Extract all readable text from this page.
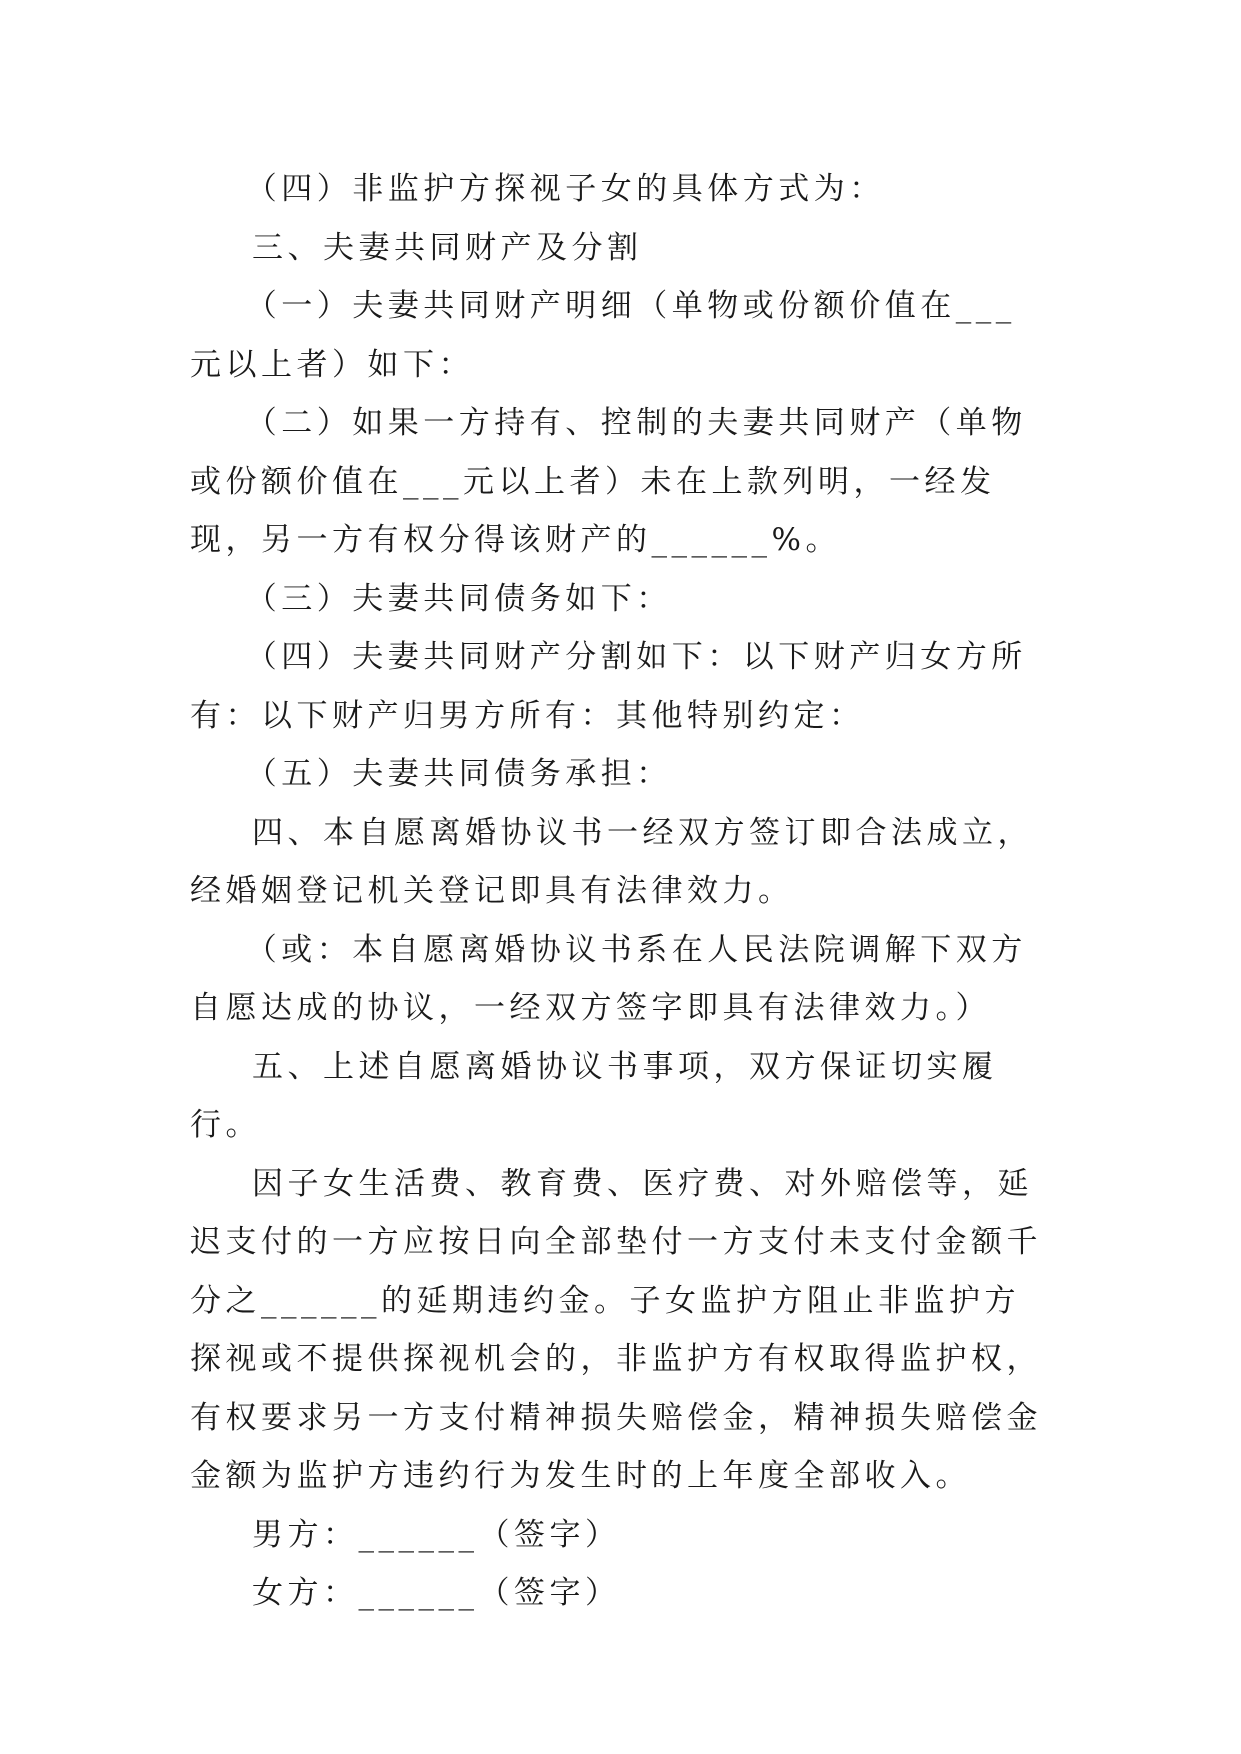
（四）非监护方探视子女的具体方式为：

三、夫妻共同财产及分割

（一）夫妻共同财产明细（单物或份额价值在___元以上者）如下：

（二）如果一方持有、控制的夫妻共同财产（单物或份额价值在___元以上者）未在上款列明，一经发现，另一方有权分得该财产的______%。

（三）夫妻共同债务如下：

（四）夫妻共同财产分割如下：以下财产归女方所有：以下财产归男方所有：其他特别约定：

（五）夫妻共同债务承担：

四、本自愿离婚协议书一经双方签订即合法成立，经婚姻登记机关登记即具有法律效力。

（或：本自愿离婚协议书系在人民法院调解下双方自愿达成的协议，一经双方签字即具有法律效力。）

五、上述自愿离婚协议书事项，双方保证切实履行。

因子女生活费、教育费、医疗费、对外赔偿等，延迟支付的一方应按日向全部垫付一方支付未支付金额千分之______的延期违约金。子女监护方阻止非监护方探视或不提供探视机会的，非监护方有权取得监护权，有权要求另一方支付精神损失赔偿金，精神损失赔偿金金额为监护方违约行为发生时的上年度全部收入。

男方：______（签字）

女方：______（签字）
